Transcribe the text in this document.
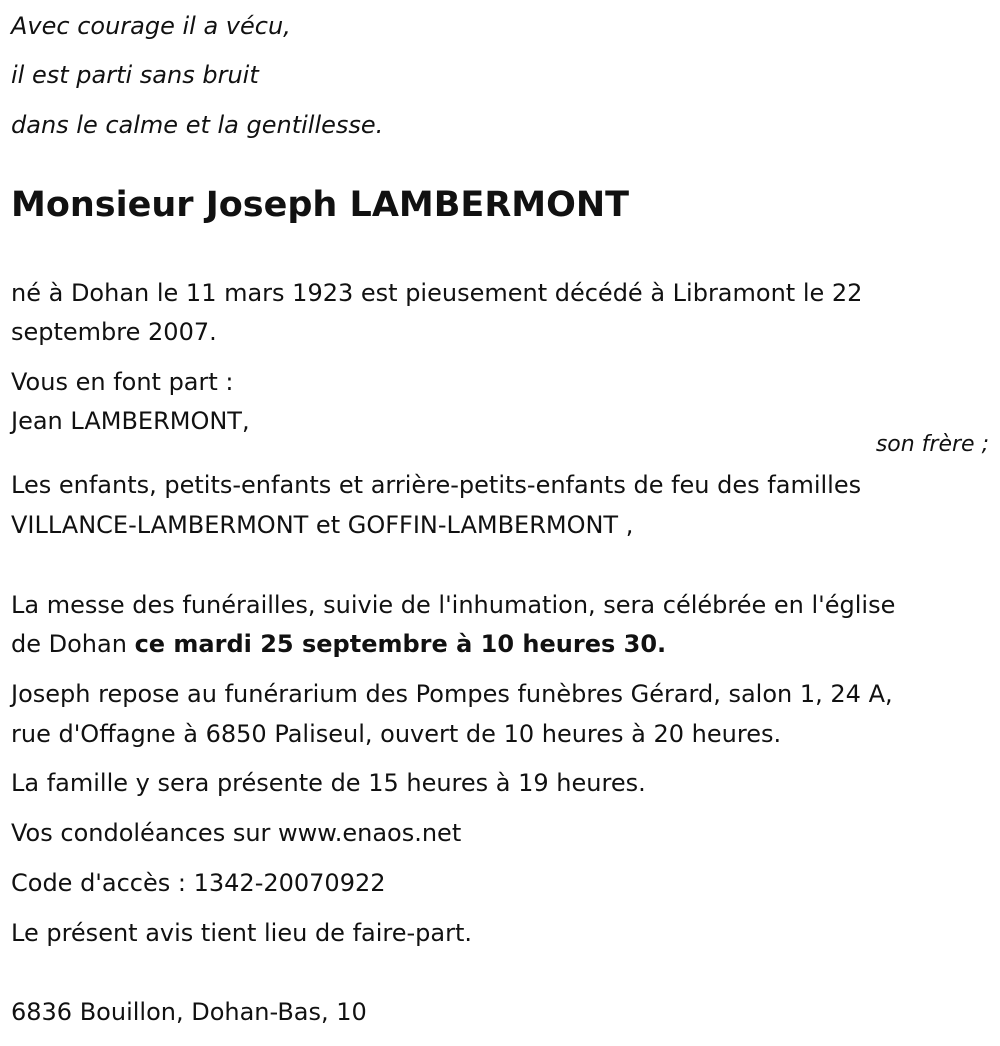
Avec courage il a vécu,

il est parti sans bruit

dans le calme et la gentillesse.

Monsieur Joseph LAMBERMONT

né à Dohan le 11 mars 1923 est pieusement décédé à Libramont le 22

septembre 2007.

Vous en font part :

Jean LAMBERMONT,

son frère ;

Les enfants, petits-enfants et arrière-petits-enfants de feu des familles

VILLANCE-LAMBERMONT et GOFFIN-LAMBERMONT ,

La messe des funérailles, suivie de l'inhumation, sera célébrée en l'église

de Dohan ce mardi 25 septembre à 10 heures 30.

Joseph repose au funérarium des Pompes funèbres Gérard, salon 1, 24 A,

rue d'Offagne à 6850 Paliseul, ouvert de 10 heures à 20 heures.

La famille y sera présente de 15 heures à 19 heures.

Vos condoléances sur www.enaos.net

Code d'accès : 1342-20070922

Le présent avis tient lieu de faire-part.

6836 Bouillon, Dohan-Bas, 10
